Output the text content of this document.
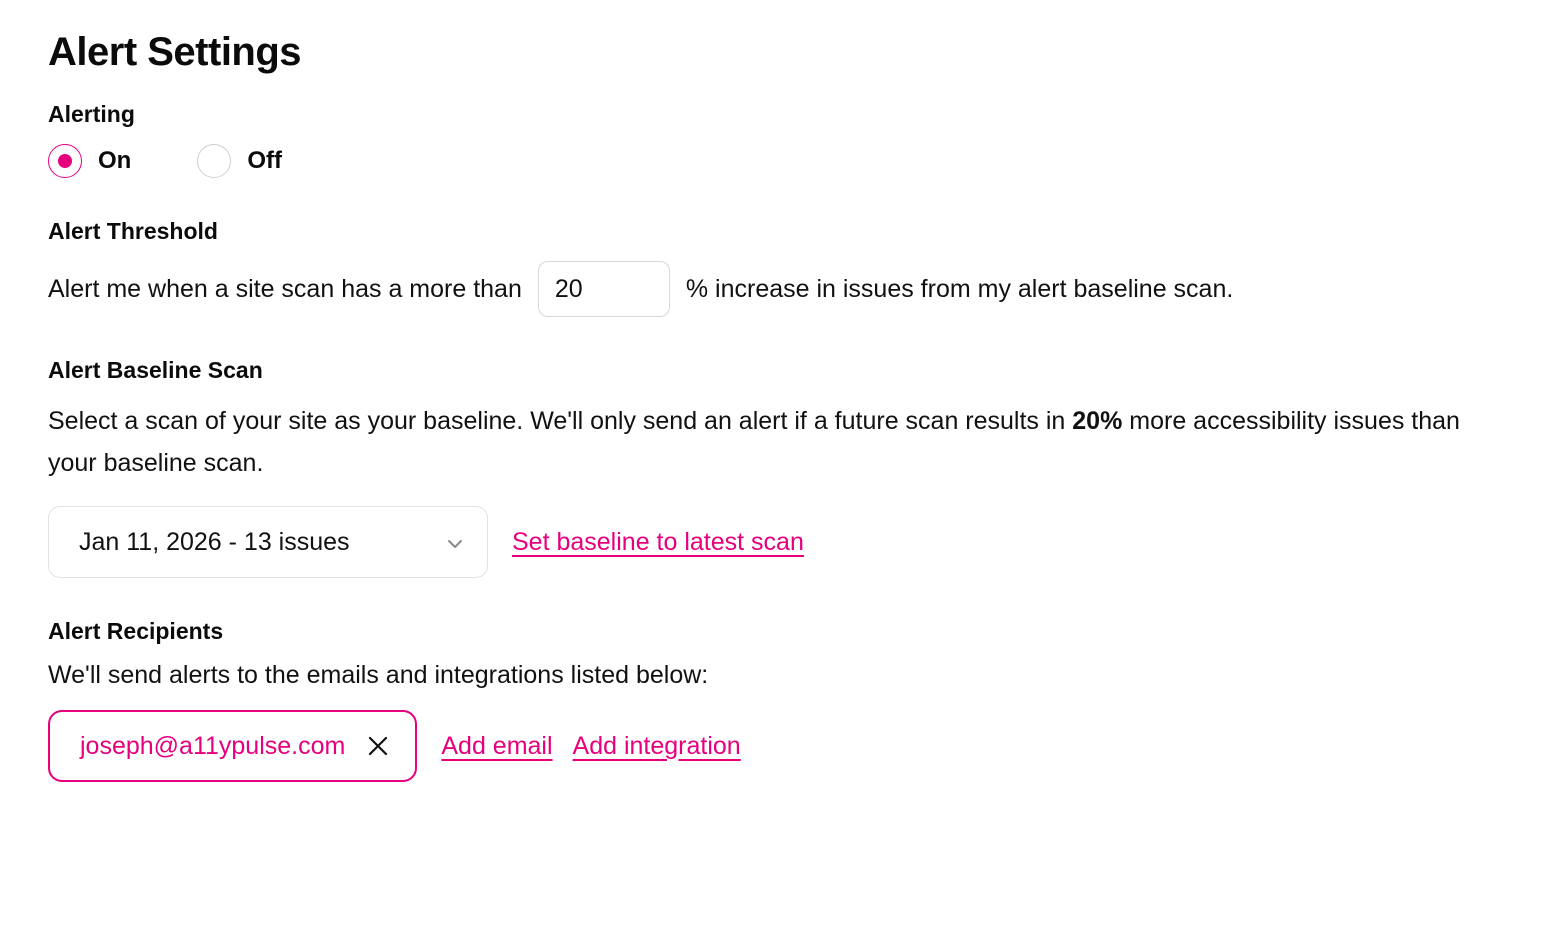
Alert Settings
Alerting
On	Off
Alert Threshold
Alert me when a site scan has a more than
20	% increase in issues from my alert baseline scan.
Alert Baseline Scan

Select a scan of your site as your baseline. We'll only send an alert if a future scan results in 20% more accessibility issues than your baseline scan.

Jan 11, 2026 - 13 issues	Set baseline to latest scan
Alert Recipients

We'll send alerts to the emails and integrations listed below:

joseph@a11ypulse.com	Add email Add integration
